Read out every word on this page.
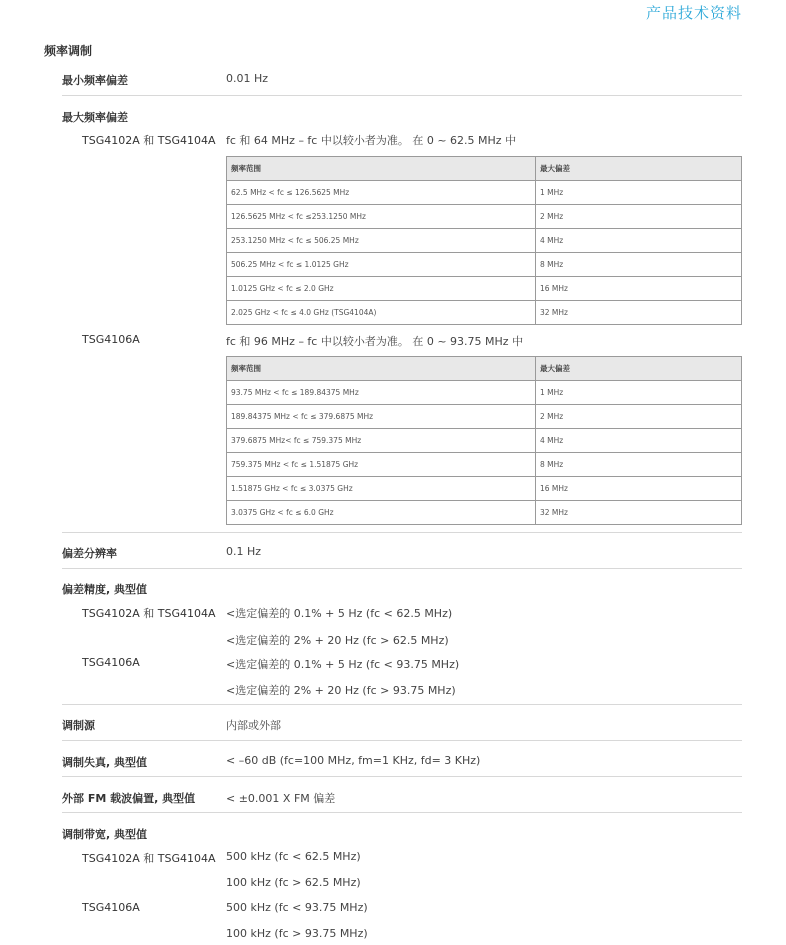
产品技术资料
频率调制
最小频率偏差	0.01 Hz
最大频率偏差
TSG4102A 和 TSG4104A fc 和 64 MHz – fc 中以较小者为准。 在 0 ~ 62.5 MHz 中
频率范围	最大偏差
62.5 MHz < fc ≤ 126.5625 MHz	1 MHz
126.5625 MHz < fc ≤253.1250 MHz	2 MHz
253.1250 MHz < fc ≤ 506.25 MHz	4 MHz
506.25 MHz < fc ≤ 1.0125 GHz	8 MHz
1.0125 GHz < fc ≤ 2.0 GHz	16 MHz
2.025 GHz < fc ≤ 4.0 GHz (TSG4104A)	32 MHz
TSG4106A	fc 和 96 MHz – fc 中以较小者为准。 在 0 ~ 93.75 MHz 中
频率范围	最大偏差
93.75 MHz < fc ≤ 189.84375 MHz	1 MHz
189.84375 MHz < fc ≤ 379.6875 MHz	2 MHz
379.6875 MHz< fc ≤ 759.375 MHz	4 MHz
759.375 MHz < fc ≤ 1.51875 GHz	8 MHz
1.51875 GHz < fc ≤ 3.0375 GHz	16 MHz
3.0375 GHz < fc ≤ 6.0 GHz	32 MHz
偏差分辨率	0.1 Hz
偏差精度, 典型值
TSG4102A 和 TSG4104A <选定偏差的 0.1% + 5 Hz (fc < 62.5 MHz)
<选定偏差的 2% + 20 Hz (fc > 62.5 MHz)
TSG4106A	<选定偏差的 0.1% + 5 Hz (fc < 93.75 MHz)
<选定偏差的 2% + 20 Hz (fc > 93.75 MHz)
调制源	内部或外部
调制失真, 典型值	< –60 dB (fc=100 MHz, fm=1 KHz, fd= 3 KHz)
外部 FM 载波偏置, 典型值	< ±0.001 X FM 偏差
调制带宽, 典型值
TSG4102A 和 TSG4104A 500 kHz (fc < 62.5 MHz)
100 kHz (fc > 62.5 MHz)
TSG4106A	500 kHz (fc < 93.75 MHz)
100 kHz (fc > 93.75 MHz)
